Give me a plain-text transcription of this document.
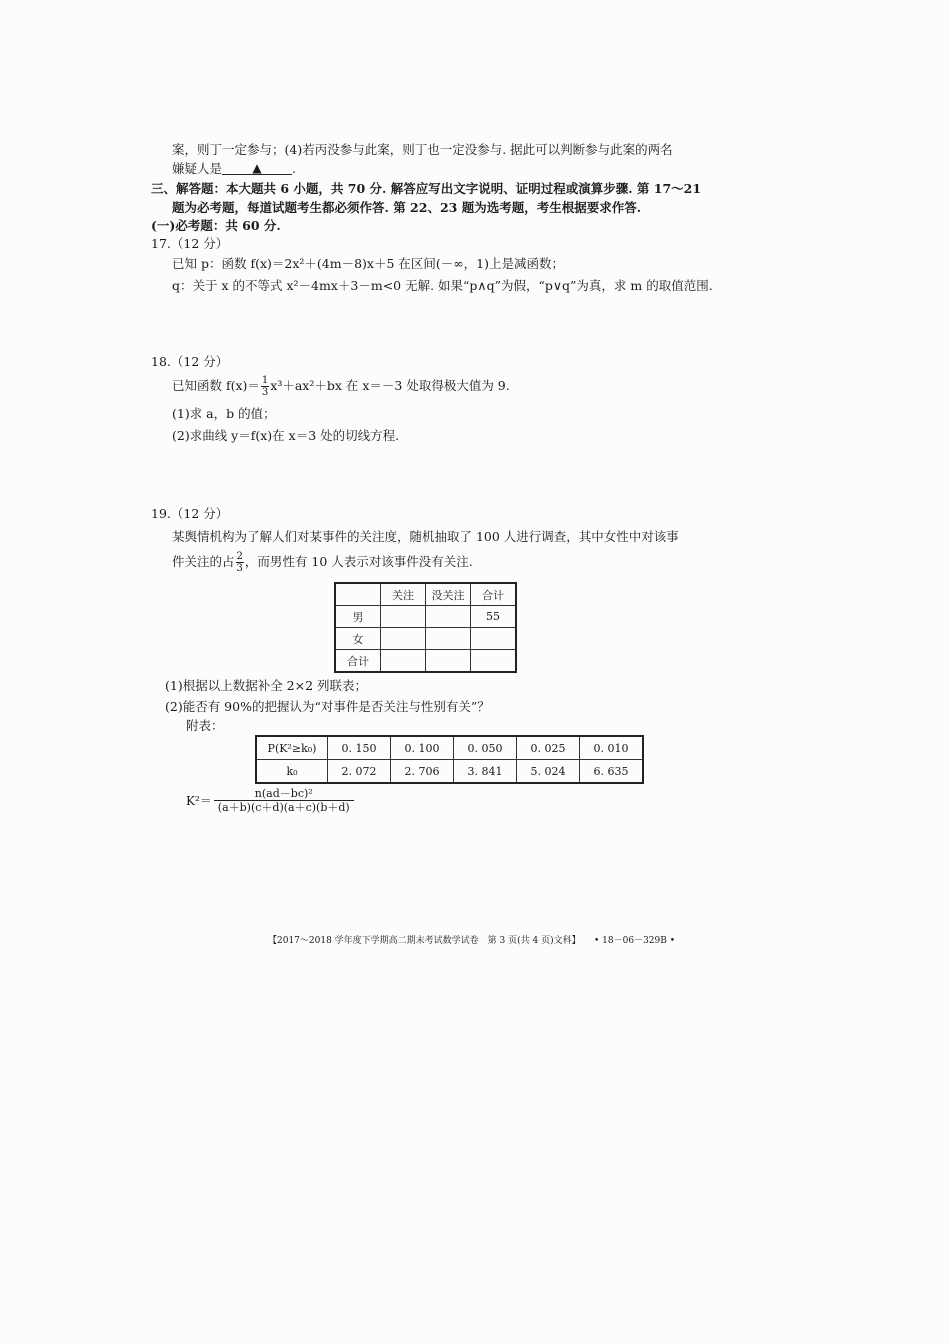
案，则丁一定参与；(4)若丙没参与此案，则丁也一定没参与. 据此可以判断参与此案的两名
嫌疑人是	▲ .
三、解答题：本大题共 6 小题，共 70 分. 解答应写出文字说明、证明过程或演算步骤. 第 17～21
题为必考题，每道试题考生都必须作答. 第 22、23 题为选考题，考生根据要求作答.
(一)必考题：共 60 分.
17.（12 分）
已知 p：函数 f(x)＝2x²＋(4m－8)x＋5 在区间(－∞，1)上是减函数；
q：关于 x 的不等式 x²－4mx＋3－m<0 无解. 如果“p∧q”为假，“p∨q”为真，求 m 的取值范围.
18.（12 分）
已知函数 $f(x)= \frac{1}{3} x^3+ax^2+bx$ 在 x＝－3 处取得极大值为 9.
(1)求 a，b 的值；
(2)求曲线 y＝f(x)在 x＝3 处的切线方程.
19.（12 分）
某舆情机构为了解人们对某事件的关注度，随机抽取了 100 人进行调查，其中女性中对该事
件关注的占 $\frac{2}{3}$ ，而男性有 10 人表示对该事件没有关注.
	关注	没关注	合计
男			55
女			
合计			
(1)根据以上数据补全 2×2 列联表；
(2)能否有 90%的把握认为“对事件是否关注与性别有关”？
附表：
P(K²≥k₀)	0. 150	0. 100	0. 050	0. 025	0. 010
k₀	2. 072	2. 706	3. 841	5. 024	6. 635
$K^2= \frac{\text{n(ad－bc)²}}{(a+b)(c+d)(a+c)(b+d)}$
【2017～2018 学年度下学期高二期末考试数学试卷　第 3 页(共 4 页)文科】 • 18－06－329B •
